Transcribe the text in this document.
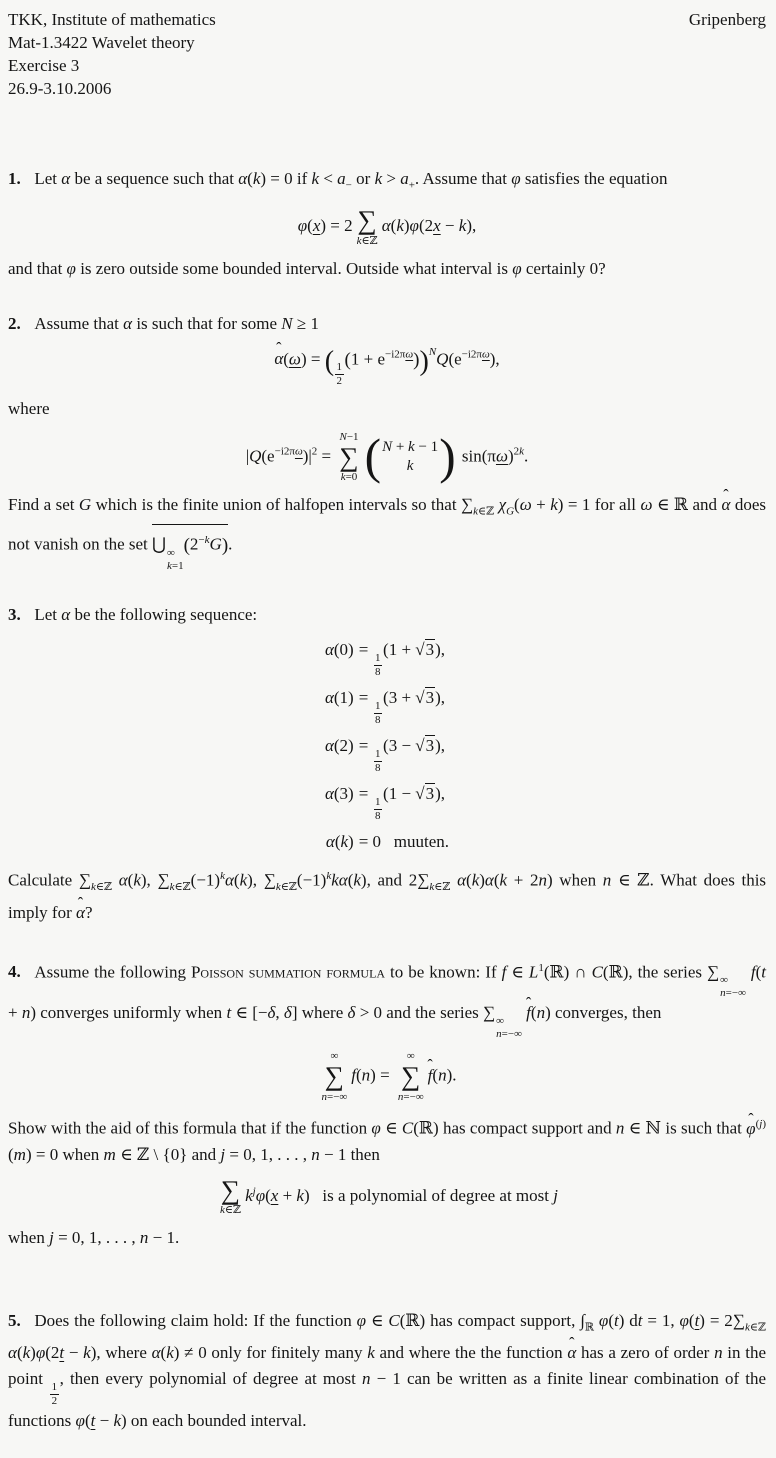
TKK, Institute of mathematics
Mat-1.3422 Wavelet theory
Exercise 3
26.9-3.10.2006
Gripenberg
1. Let α be a sequence such that α(k) = 0 if $k < a_-$ or $k > a_+$. Assume that φ satisfies the equation
φ(x) = 2 ∑
k∈ℤ
α(k)φ(2x − k),
and that φ is zero outside some bounded interval. Outside what interval is φ certainly 0?
2. Assume that α is such that for some N ≥ 1
α ˆ(ω) = ( $\frac{1}{2}$
$(1 + e^{-i2\pi\omega}))^NQ(e^{-i2\pi\omega})$,
where
$|Q(e^{-i2\pi\omega})|^2$ =
N−1
∑
k=0 ( N + k − 1
k ) $\sin(\pi\omega)^{2k}$.
Find a set G which is the finite union of halfopen intervals so that $\sum_{k\in ℤ}$ $\chi_G(\omega + k) = 1$ for all ω ∈ ℝ and α ˆ does not vanish on the set ⋃ ∞
k=1
$(2^{-k}G)$.
3. Let α be the following sequence:
α(0)	=
$\frac{1}{8}$
(1 + √3),
α(1)	=
$\frac{1}{8}$
(3 + √3),
α(2)	=
$\frac{1}{8}$
(3 − √3),
α(3)	=
$\frac{1}{8}$
(1 − √3),
α(k)	= 0   muuten.
Calculate $\sum_{k\in ℤ}$ α(k), $\sum_{k\in ℤ}(-1)^k\alpha(k)$, $\sum_{k\in ℤ}(-1)^kk\alpha(k)$, and $2\sum_{k\in ℤ}$ α(k)α(k + 2n) when n ∈ ℤ. What does this imply for α ˆ?
4. Assume the following Poisson summation formula to be known: If f ∈ $L^1(ℝ)$ ∩ C(ℝ), the series ∑ ∞
n=−∞
f(t + n) converges uniformly when t ∈ [−δ, δ] where δ > 0 and the series ∑ ∞
n=−∞
f ˆ(n) converges, then
∞
∑
n=−∞
f(n) =
∞
∑
n=−∞
f ˆ(n).
Show with the aid of this formula that if the function φ ∈ C(ℝ) has compact support and n ∈ ℕ is such that φ ˆ$^{(j)}$(m) = 0 when m ∈ ℤ \ {0} and j = 0, 1, . . . , n − 1 then
∑
k∈ℤ
$k^j\varphi(x + k)$   is a polynomial of degree at most j
when j = 0, 1, . . . , n − 1.
5. Does the following claim hold: If the function φ ∈ C(ℝ) has compact support, $\int_ℝ$ φ(t) dt = 1, $\varphi(t) = 2\sum_{k\in ℤ}$ α(k)φ(2t − k), where α(k) ≠ 0 only for finitely many k and where the the function α ˆ has a zero of order n in the point
$\frac{1}{2}$
, then every polynomial of degree at most n − 1 can be written as a finite linear combination of the functions φ(t − k) on each bounded interval.
